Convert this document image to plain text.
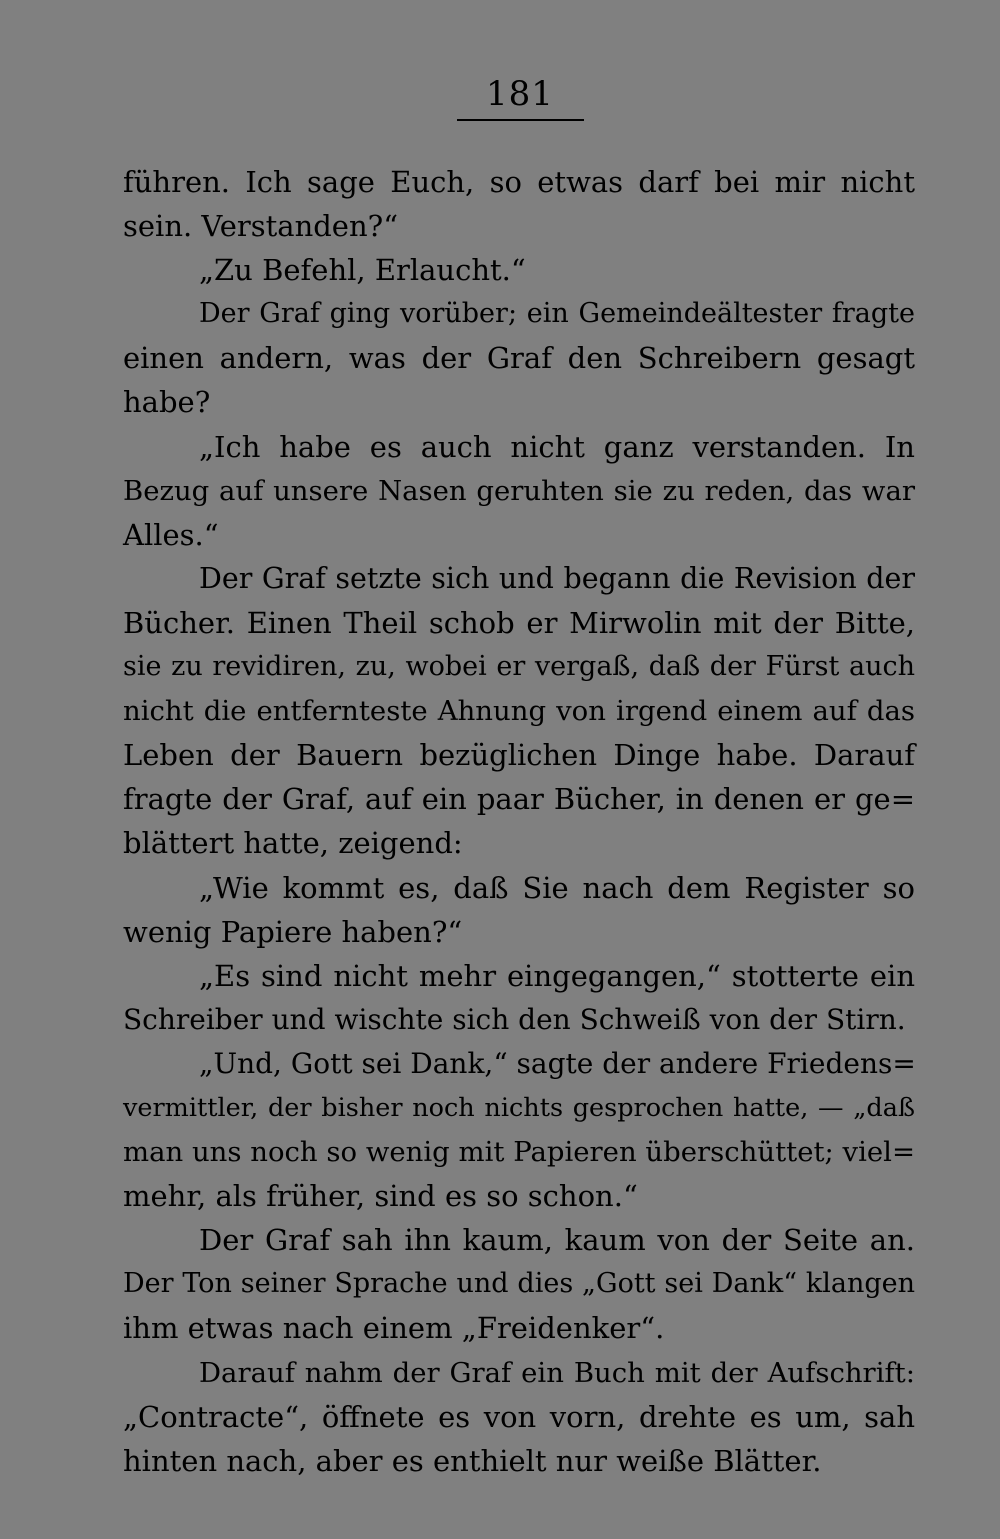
181
führen. Ich sage Euch, so etwas darf bei mir nicht
sein. Verstanden?“
„Zu Befehl, Erlaucht.“
Der Graf ging vorüber; ein Gemeindeältester fragte
einen andern, was der Graf den Schreibern gesagt
habe?
„Ich habe es auch nicht ganz verstanden. In
Bezug auf unsere Nasen geruhten sie zu reden, das war
Alles.“
Der Graf setzte sich und begann die Revision der
Bücher. Einen Theil schob er Mirwolin mit der Bitte,
sie zu revidiren, zu, wobei er vergaß, daß der Fürst auch
nicht die entfernteste Ahnung von irgend einem auf das
Leben der Bauern bezüglichen Dinge habe. Darauf
fragte der Graf, auf ein paar Bücher, in denen er ge=
blättert hatte, zeigend:
„Wie kommt es, daß Sie nach dem Register so
wenig Papiere haben?“
„Es sind nicht mehr eingegangen,“ stotterte ein
Schreiber und wischte sich den Schweiß von der Stirn.
„Und, Gott sei Dank,“ sagte der andere Friedens=
vermittler, der bisher noch nichts gesprochen hatte, — „daß
man uns noch so wenig mit Papieren überschüttet; viel=
mehr, als früher, sind es so schon.“
Der Graf sah ihn kaum, kaum von der Seite an.
Der Ton seiner Sprache und dies „Gott sei Dank“ klangen
ihm etwas nach einem „Freidenker“.
Darauf nahm der Graf ein Buch mit der Aufschrift:
„Contracte“, öffnete es von vorn, drehte es um, sah
hinten nach, aber es enthielt nur weiße Blätter.
